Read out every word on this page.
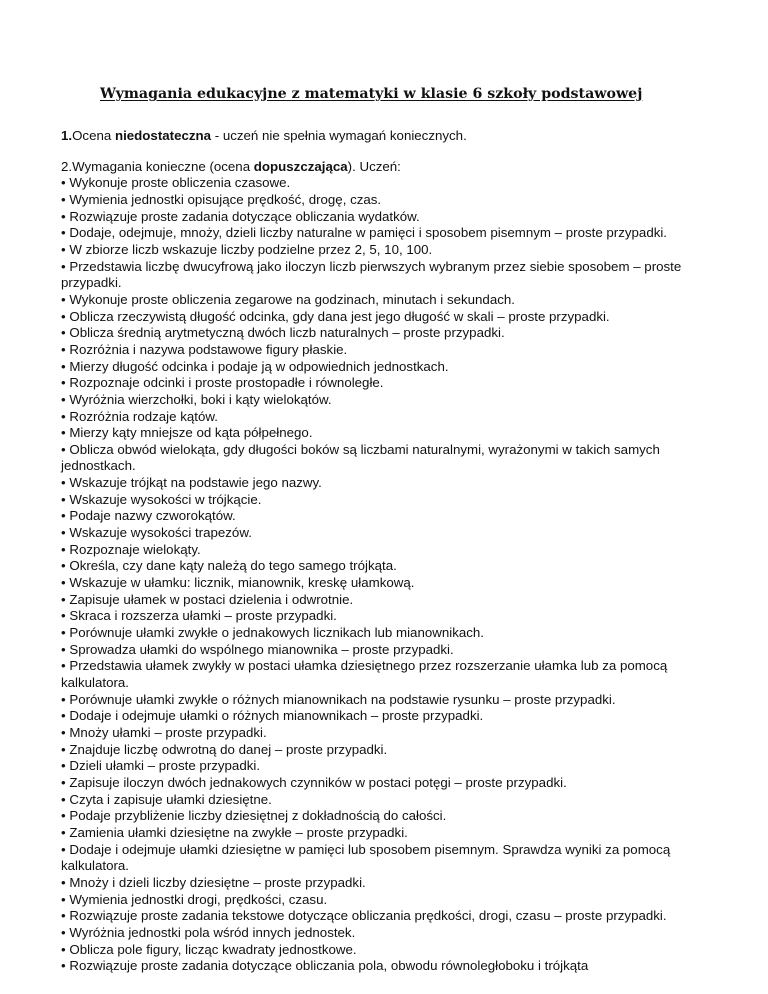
Wymagania edukacyjne z matematyki w klasie 6 szkoły podstawowej

1.Ocena niedostateczna - uczeń nie spełnia wymagań koniecznych.

2.Wymagania konieczne (ocena dopuszczająca). Uczeń:

• Wykonuje proste obliczenia czasowe.
• Wymienia jednostki opisujące prędkość, drogę, czas.
• Rozwiązuje proste zadania dotyczące obliczania wydatków.
• Dodaje, odejmuje, mnoży, dzieli liczby naturalne w pamięci i sposobem pisemnym – proste przypadki.
• W zbiorze liczb wskazuje liczby podzielne przez 2, 5, 10, 100.
• Przedstawia liczbę dwucyfrową jako iloczyn liczb pierwszych wybranym przez siebie sposobem – proste przypadki.
• Wykonuje proste obliczenia zegarowe na godzinach, minutach i sekundach.
• Oblicza rzeczywistą długość odcinka, gdy dana jest jego długość w skali – proste przypadki.
• Oblicza średnią arytmetyczną dwóch liczb naturalnych – proste przypadki.
• Rozróżnia i nazywa podstawowe figury płaskie.
• Mierzy długość odcinka i podaje ją w odpowiednich jednostkach.
• Rozpoznaje odcinki i proste prostopadłe i równoległe.
• Wyróżnia wierzchołki, boki i kąty wielokątów.
• Rozróżnia rodzaje kątów.
• Mierzy kąty mniejsze od kąta półpełnego.
• Oblicza obwód wielokąta, gdy długości boków są liczbami naturalnymi, wyrażonymi w takich samych jednostkach.
• Wskazuje trójkąt na podstawie jego nazwy.
• Wskazuje wysokości w trójkącie.
• Podaje nazwy czworokątów.
• Wskazuje wysokości trapezów.
• Rozpoznaje wielokąty.
• Określa, czy dane kąty należą do tego samego trójkąta.
• Wskazuje w ułamku: licznik, mianownik, kreskę ułamkową.
• Zapisuje ułamek w postaci dzielenia i odwrotnie.
• Skraca i rozszerza ułamki – proste przypadki.
• Porównuje ułamki zwykłe o jednakowych licznikach lub mianownikach.
• Sprowadza ułamki do wspólnego mianownika – proste przypadki.
• Przedstawia ułamek zwykły w postaci ułamka dziesiętnego przez rozszerzanie ułamka lub za pomocą kalkulatora.
• Porównuje ułamki zwykłe o różnych mianownikach na podstawie rysunku – proste przypadki.
• Dodaje i odejmuje ułamki o różnych mianownikach – proste przypadki.
• Mnoży ułamki – proste przypadki.
• Znajduje liczbę odwrotną do danej – proste przypadki.
• Dzieli ułamki – proste przypadki.
• Zapisuje iloczyn dwóch jednakowych czynników w postaci potęgi – proste przypadki.
• Czyta i zapisuje ułamki dziesiętne.
• Podaje przybliżenie liczby dziesiętnej z dokładnością do całości.
• Zamienia ułamki dziesiętne na zwykłe – proste przypadki.
• Dodaje i odejmuje ułamki dziesiętne w pamięci lub sposobem pisemnym. Sprawdza wyniki za pomocą kalkulatora.
• Mnoży i dzieli liczby dziesiętne – proste przypadki.
• Wymienia jednostki drogi, prędkości, czasu.
• Rozwiązuje proste zadania tekstowe dotyczące obliczania prędkości, drogi, czasu – proste przypadki.
• Wyróżnia jednostki pola wśród innych jednostek.
• Oblicza pole figury, licząc kwadraty jednostkowe.
• Rozwiązuje proste zadania dotyczące obliczania pola, obwodu równoległoboku i trójkąta
